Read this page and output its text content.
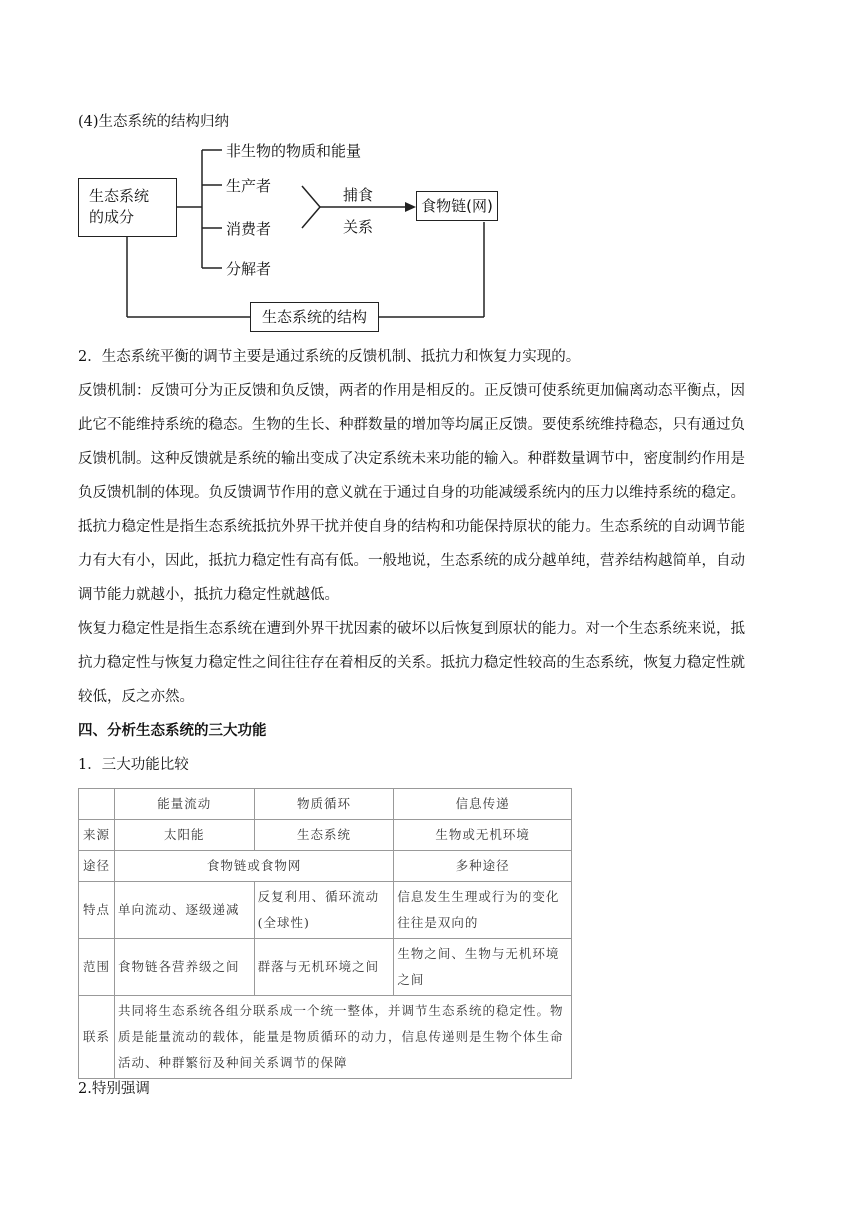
(4)生态系统的结构归纳
生态系统
的成分
非生物的物质和能量
生产者
消费者
分解者
捕食
关系
食物链(网)
生态系统的结构
2．生态系统平衡的调节主要是通过系统的反馈机制、抵抗力和恢复力实现的。
反馈机制：反馈可分为正反馈和负反馈，两者的作用是相反的。正反馈可使系统更加偏离动态平衡点，因
此它不能维持系统的稳态。生物的生长、种群数量的增加等均属正反馈。要使系统维持稳态，只有通过负
反馈机制。这种反馈就是系统的输出变成了决定系统未来功能的输入。种群数量调节中，密度制约作用是
负反馈机制的体现。负反馈调节作用的意义就在于通过自身的功能减缓系统内的压力以维持系统的稳定。
抵抗力稳定性是指生态系统抵抗外界干扰并使自身的结构和功能保持原状的能力。生态系统的自动调节能
力有大有小，因此，抵抗力稳定性有高有低。一般地说，生态系统的成分越单纯，营养结构越简单，自动
调节能力就越小，抵抗力稳定性就越低。
恢复力稳定性是指生态系统在遭到外界干扰因素的破坏以后恢复到原状的能力。对一个生态系统来说，抵
抗力稳定性与恢复力稳定性之间往往存在着相反的关系。抵抗力稳定性较高的生态系统，恢复力稳定性就
较低，反之亦然。
四、分析生态系统的三大功能
1．三大功能比较
	能量流动	物质循环	信息传递
来源	太阳能	生态系统	生物或无机环境
途径	食物链或食物网		多种途径
特点	单向流动、逐级递减	反复利用、循环流动(全球性)	信息发生生理或行为的变化往往是双向的
范围	食物链各营养级之间	群落与无机环境之间	生物之间、生物与无机环境之间
联系	共同将生态系统各组分联系成一个统一整体，并调节生态系统的稳定性。物质是能量流动的载体，能量是物质循环的动力，信息传递则是生物个体生命活动、种群繁衍及种间关系调节的保障		
2.特别强调
